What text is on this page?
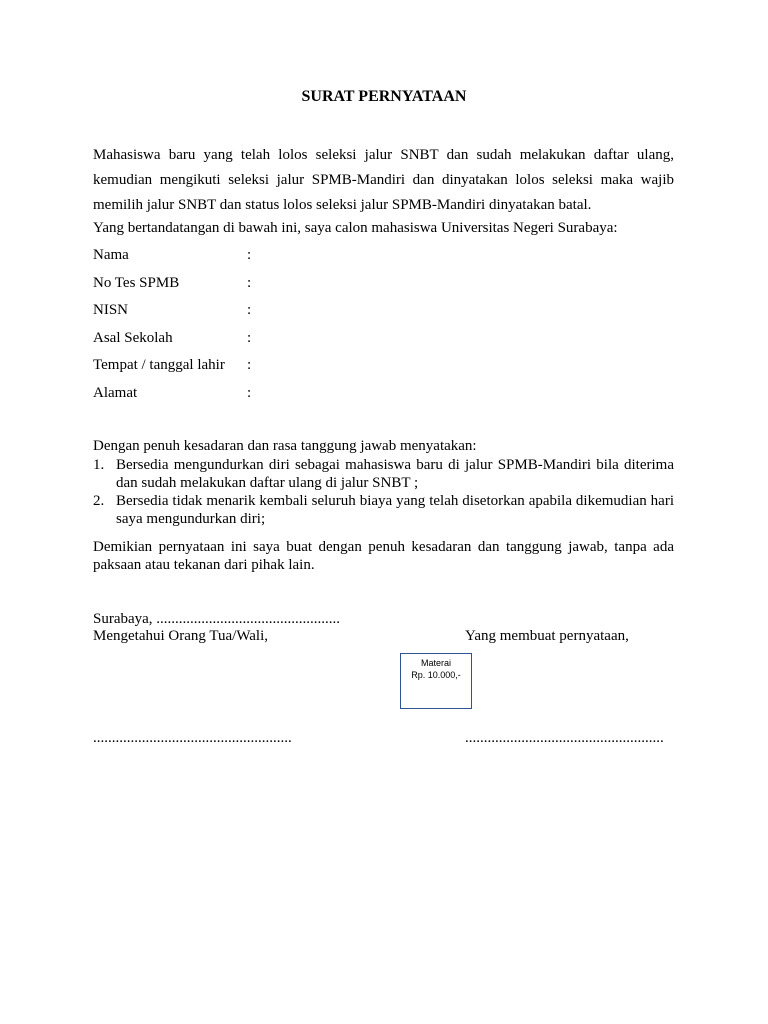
SURAT PERNYATAAN
Mahasiswa baru yang telah lolos seleksi jalur SNBT dan sudah melakukan daftar ulang, kemudian mengikuti seleksi jalur SPMB-Mandiri dan dinyatakan lolos seleksi maka wajib memilih jalur SNBT dan status lolos seleksi jalur SPMB-Mandiri dinyatakan batal.
Yang bertandatangan di bawah ini, saya calon mahasiswa Universitas Negeri Surabaya:
Nama	:
No Tes SPMB	:
NISN	:
Asal Sekolah	:
Tempat / tanggal lahir :
Alamat	:
Dengan penuh kesadaran dan rasa tanggung jawab menyatakan:
1. Bersedia mengundurkan diri sebagai mahasiswa baru di jalur SPMB-Mandiri bila diterima dan sudah melakukan daftar ulang di jalur SNBT ;
2. Bersedia tidak menarik kembali seluruh biaya yang telah disetorkan apabila dikemudian hari saya mengundurkan diri;
Demikian pernyataan ini saya buat dengan penuh kesadaran dan tanggung jawab, tanpa ada paksaan atau tekanan dari pihak lain.
Surabaya, .................................................
Mengetahui Orang Tua/Wali,	Yang membuat pernyataan,
Materai
Rp. 10.000,-
.....................................................	.....................................................
